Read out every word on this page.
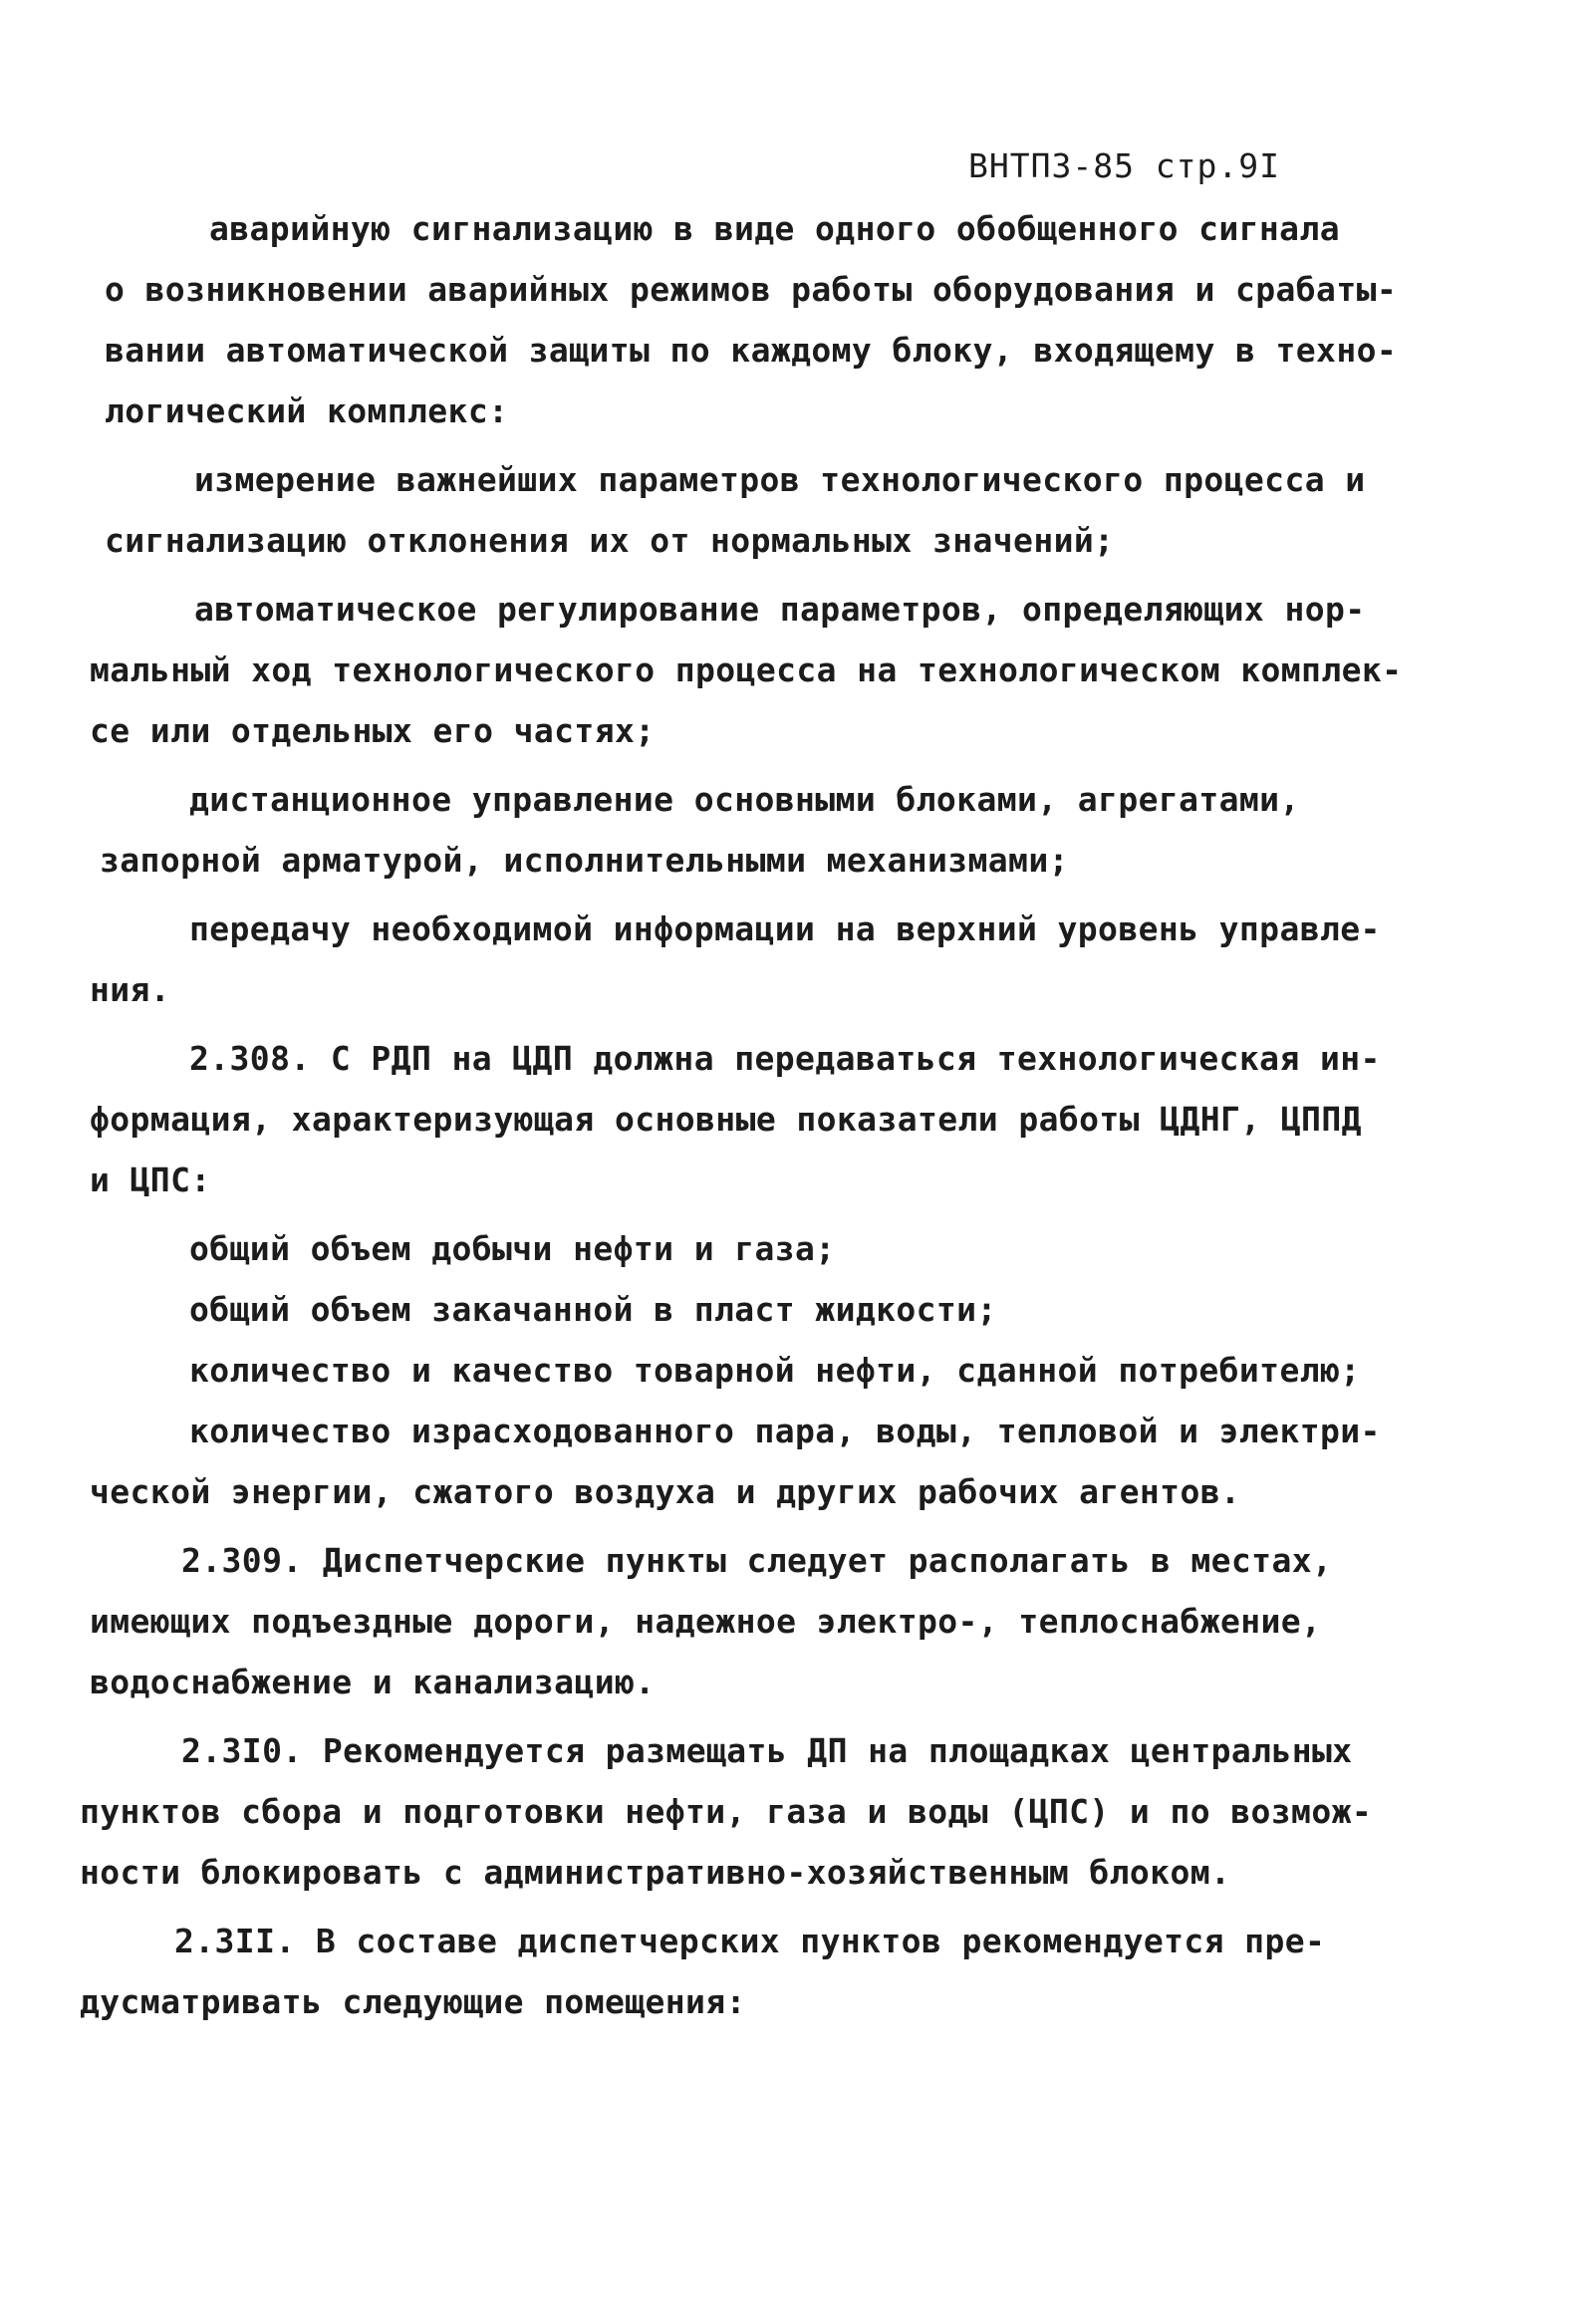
ВНТП3-85 стр.9I
аварийную сигнализацию в виде одного обобщенного сигнала
о возникновении аварийных режимов работы оборудования и срабаты-
вании автоматической защиты по каждому блоку, входящему в техно-
логический комплекс:
измерение важнейших параметров технологического процесса и
сигнализацию отклонения их от нормальных значений;
автоматическое регулирование параметров, определяющих нор-
мальный ход технологического процесса на технологическом комплек-
се или отдельных его частях;
дистанционное управление основными блоками, агрегатами,
запорной арматурой, исполнительными механизмами;
передачу необходимой информации на верхний уровень управле-
ния.
2.308. С РДП на ЦДП должна передаваться технологическая ин-
формация, характеризующая основные показатели работы ЦДНГ, ЦППД
и ЦПС:
общий объем добычи нефти и газа;
общий объем закачанной в пласт жидкости;
количество и качество товарной нефти, сданной потребителю;
количество израсходованного пара, воды, тепловой и электри-
ческой энергии, сжатого воздуха и других рабочих агентов.
2.309. Диспетчерские пункты следует располагать в местах,
имеющих подъездные дороги, надежное электро-, теплоснабжение,
водоснабжение и канализацию.
2.3I0. Рекомендуется размещать ДП на площадках центральных
пунктов сбора и подготовки нефти, газа и воды (ЦПС) и по возмож-
ности блокировать с административно-хозяйственным блоком.
2.3II. В составе диспетчерских пунктов рекомендуется пре-
дусматривать следующие помещения:
